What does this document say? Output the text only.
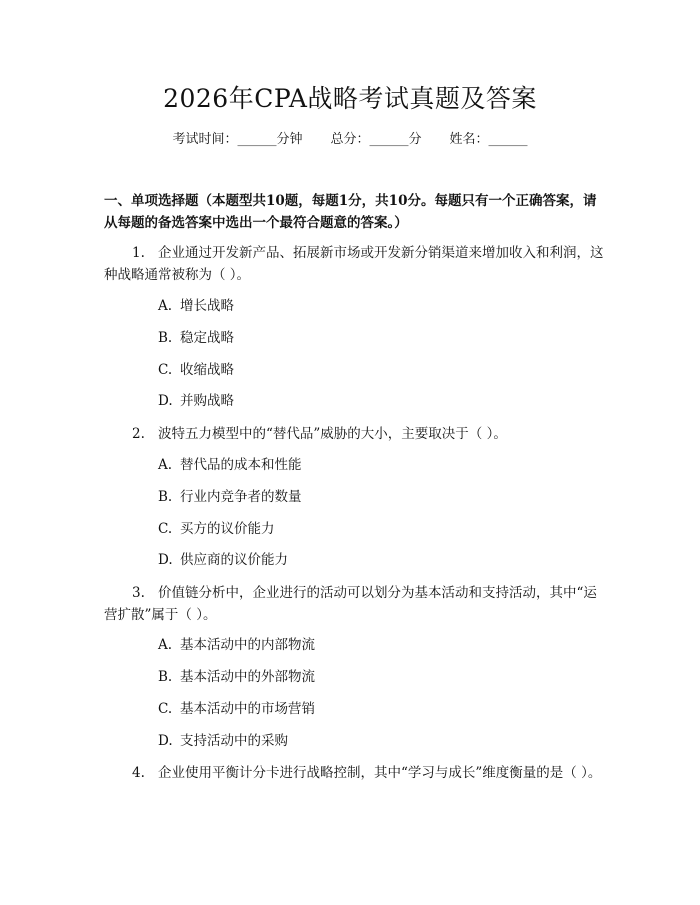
2026年CPA战略考试真题及答案
考试时间：______分钟 总分：______分 姓名：______
一、单项选择题（本题型共10题，每题1分，共10分。每题只有一个正确答案，请从每题的备选答案中选出一个最符合题意的答案。）
1. 企业通过开发新产品、拓展新市场或开发新分销渠道来增加收入和利润，这种战略通常被称为（ ）。
A. 增长战略
B. 稳定战略
C. 收缩战略
D. 并购战略
2. 波特五力模型中的“替代品”威胁的大小，主要取决于（ ）。
A. 替代品的成本和性能
B. 行业内竞争者的数量
C. 买方的议价能力
D. 供应商的议价能力
3. 价值链分析中，企业进行的活动可以划分为基本活动和支持活动，其中“运营扩散”属于（ ）。
A. 基本活动中的内部物流
B. 基本活动中的外部物流
C. 基本活动中的市场营销
D. 支持活动中的采购
4. 企业使用平衡计分卡进行战略控制，其中“学习与成长”维度衡量的是（ ）。
